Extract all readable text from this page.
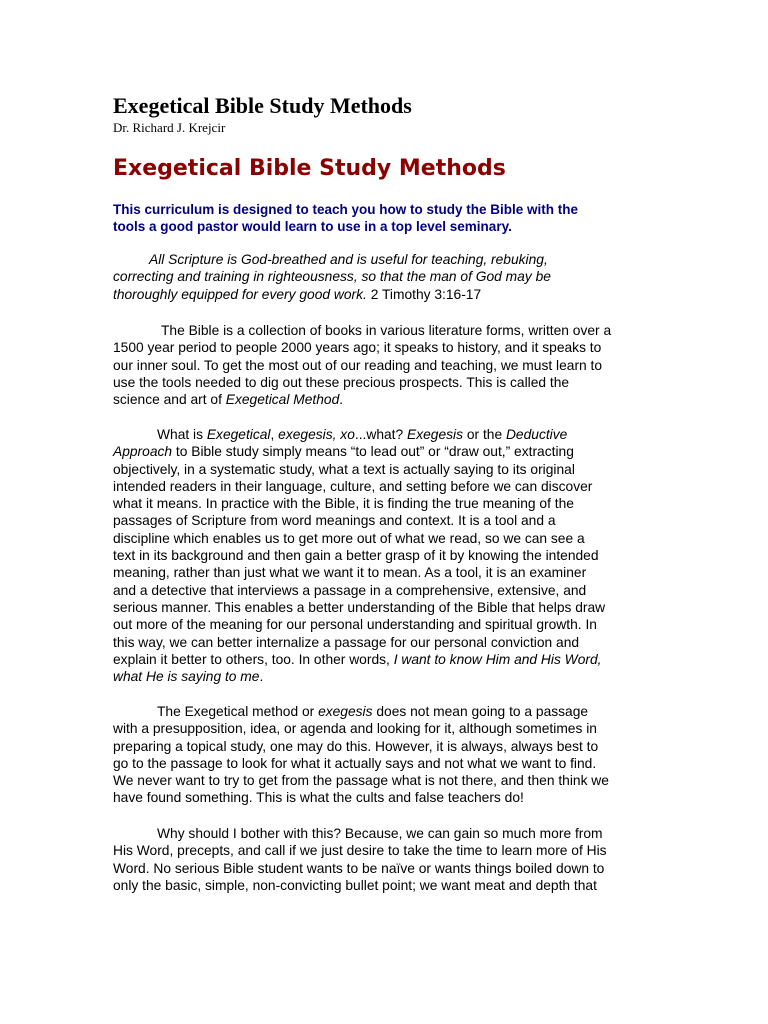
Exegetical Bible Study Methods

Dr. Richard J. Krejcir

Exegetical Bible Study Methods

This curriculum is designed to teach you how to study the Bible with the
tools a good pastor would learn to use in a top level seminary.

All Scripture is God-breathed and is useful for teaching, rebuking,
correcting and training in righteousness, so that the man of God may be
thoroughly equipped for every good work. 2 Timothy 3:16-17

The Bible is a collection of books in various literature forms, written over a
1500 year period to people 2000 years ago; it speaks to history, and it speaks to
our inner soul. To get the most out of our reading and teaching, we must learn to
use the tools needed to dig out these precious prospects. This is called the
science and art of Exegetical Method.

What is Exegetical, exegesis, xo...what? Exegesis or the Deductive
Approach to Bible study simply means “to lead out” or “draw out,” extracting
objectively, in a systematic study, what a text is actually saying to its original
intended readers in their language, culture, and setting before we can discover
what it means. In practice with the Bible, it is finding the true meaning of the
passages of Scripture from word meanings and context. It is a tool and a
discipline which enables us to get more out of what we read, so we can see a
text in its background and then gain a better grasp of it by knowing the intended
meaning, rather than just what we want it to mean. As a tool, it is an examiner
and a detective that interviews a passage in a comprehensive, extensive, and
serious manner. This enables a better understanding of the Bible that helps draw
out more of the meaning for our personal understanding and spiritual growth. In
this way, we can better internalize a passage for our personal conviction and
explain it better to others, too. In other words, I want to know Him and His Word,
what He is saying to me.

The Exegetical method or exegesis does not mean going to a passage
with a presupposition, idea, or agenda and looking for it, although sometimes in
preparing a topical study, one may do this. However, it is always, always best to
go to the passage to look for what it actually says and not what we want to find.
We never want to try to get from the passage what is not there, and then think we
have found something. This is what the cults and false teachers do!

Why should I bother with this? Because, we can gain so much more from
His Word, precepts, and call if we just desire to take the time to learn more of His
Word. No serious Bible student wants to be naïve or wants things boiled down to
only the basic, simple, non-convicting bullet point; we want meat and depth that
